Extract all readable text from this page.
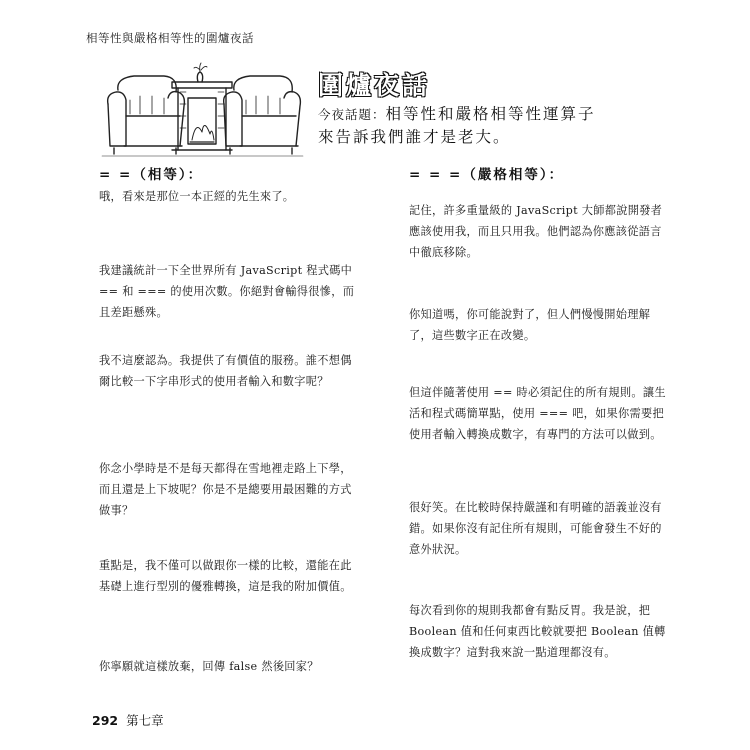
相等性與嚴格相等性的圍爐夜話
圍爐夜話
今夜話題：相等性和嚴格相等性運算子
來告訴我們誰才是老大。
= =（相等）：	= = =（嚴格相等）：
哦，看來是那位一本正經的先生來了。
我建議統計一下全世界所有 JavaScript 程式碼中 == 和 === 的使用次數。你絕對會輸得很慘，而且差距懸殊。
我不這麼認為。我提供了有價值的服務。誰不想偶爾比較一下字串形式的使用者輸入和數字呢？
你念小學時是不是每天都得在雪地裡走路上下學，而且還是上下坡呢？你是不是總要用最困難的方式做事？
重點是，我不僅可以做跟你一樣的比較，還能在此基礎上進行型別的優雅轉換，這是我的附加價值。
你寧願就這樣放棄，回傳 false 然後回家？
記住，許多重量級的 JavaScript 大師都說開發者應該使用我，而且只用我。他們認為你應該從語言中徹底移除。
你知道嗎，你可能說對了，但人們慢慢開始理解了，這些數字正在改變。
但這伴隨著使用 == 時必須記住的所有規則。讓生活和程式碼簡單點，使用 === 吧，如果你需要把使用者輸入轉換成數字，有專門的方法可以做到。
很好笑。在比較時保持嚴謹和有明確的語義並沒有錯。如果你沒有記住所有規則，可能會發生不好的意外狀況。
每次看到你的規則我都會有點反胃。我是說，把 Boolean 值和任何東西比較就要把 Boolean 值轉換成數字？這對我來說一點道理都沒有。
292 第七章
